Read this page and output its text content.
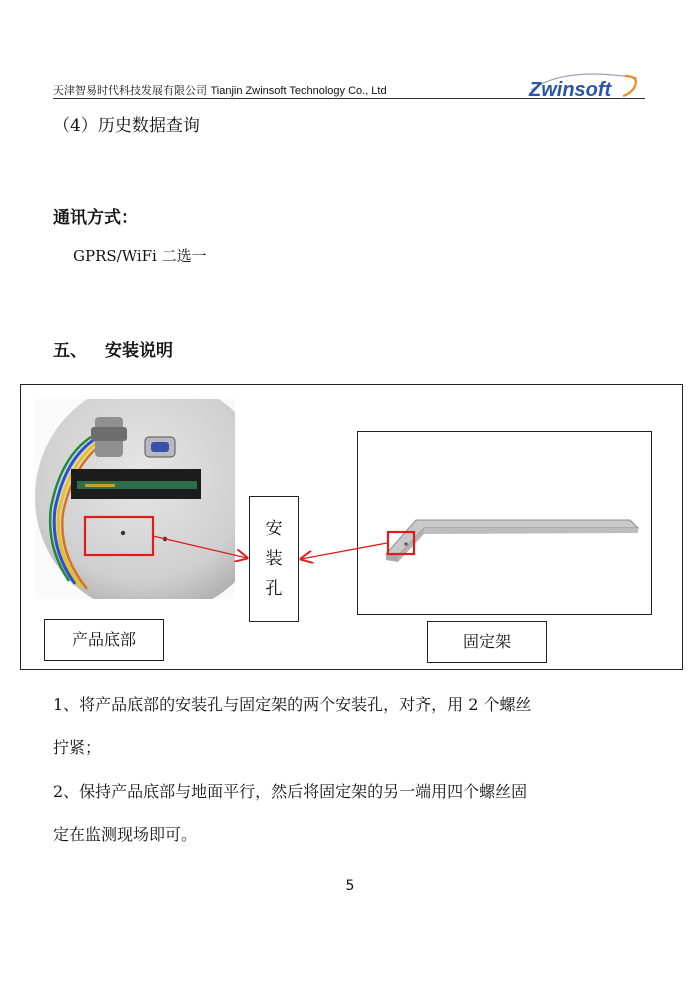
天津智易时代科技发展有限公司 Tianjin Zwinsoft Technology Co., Ltd	Zwinsoft
（4）历史数据查询
通讯方式：
GPRS/WiFi 二选一
五、 安装说明
产品底部
安
装
孔
固定架
1、将产品底部的安装孔与固定架的两个安装孔，对齐，用 2 个螺丝
拧紧；
2、保持产品底部与地面平行，然后将固定架的另一端用四个螺丝固
定在监测现场即可。
5
